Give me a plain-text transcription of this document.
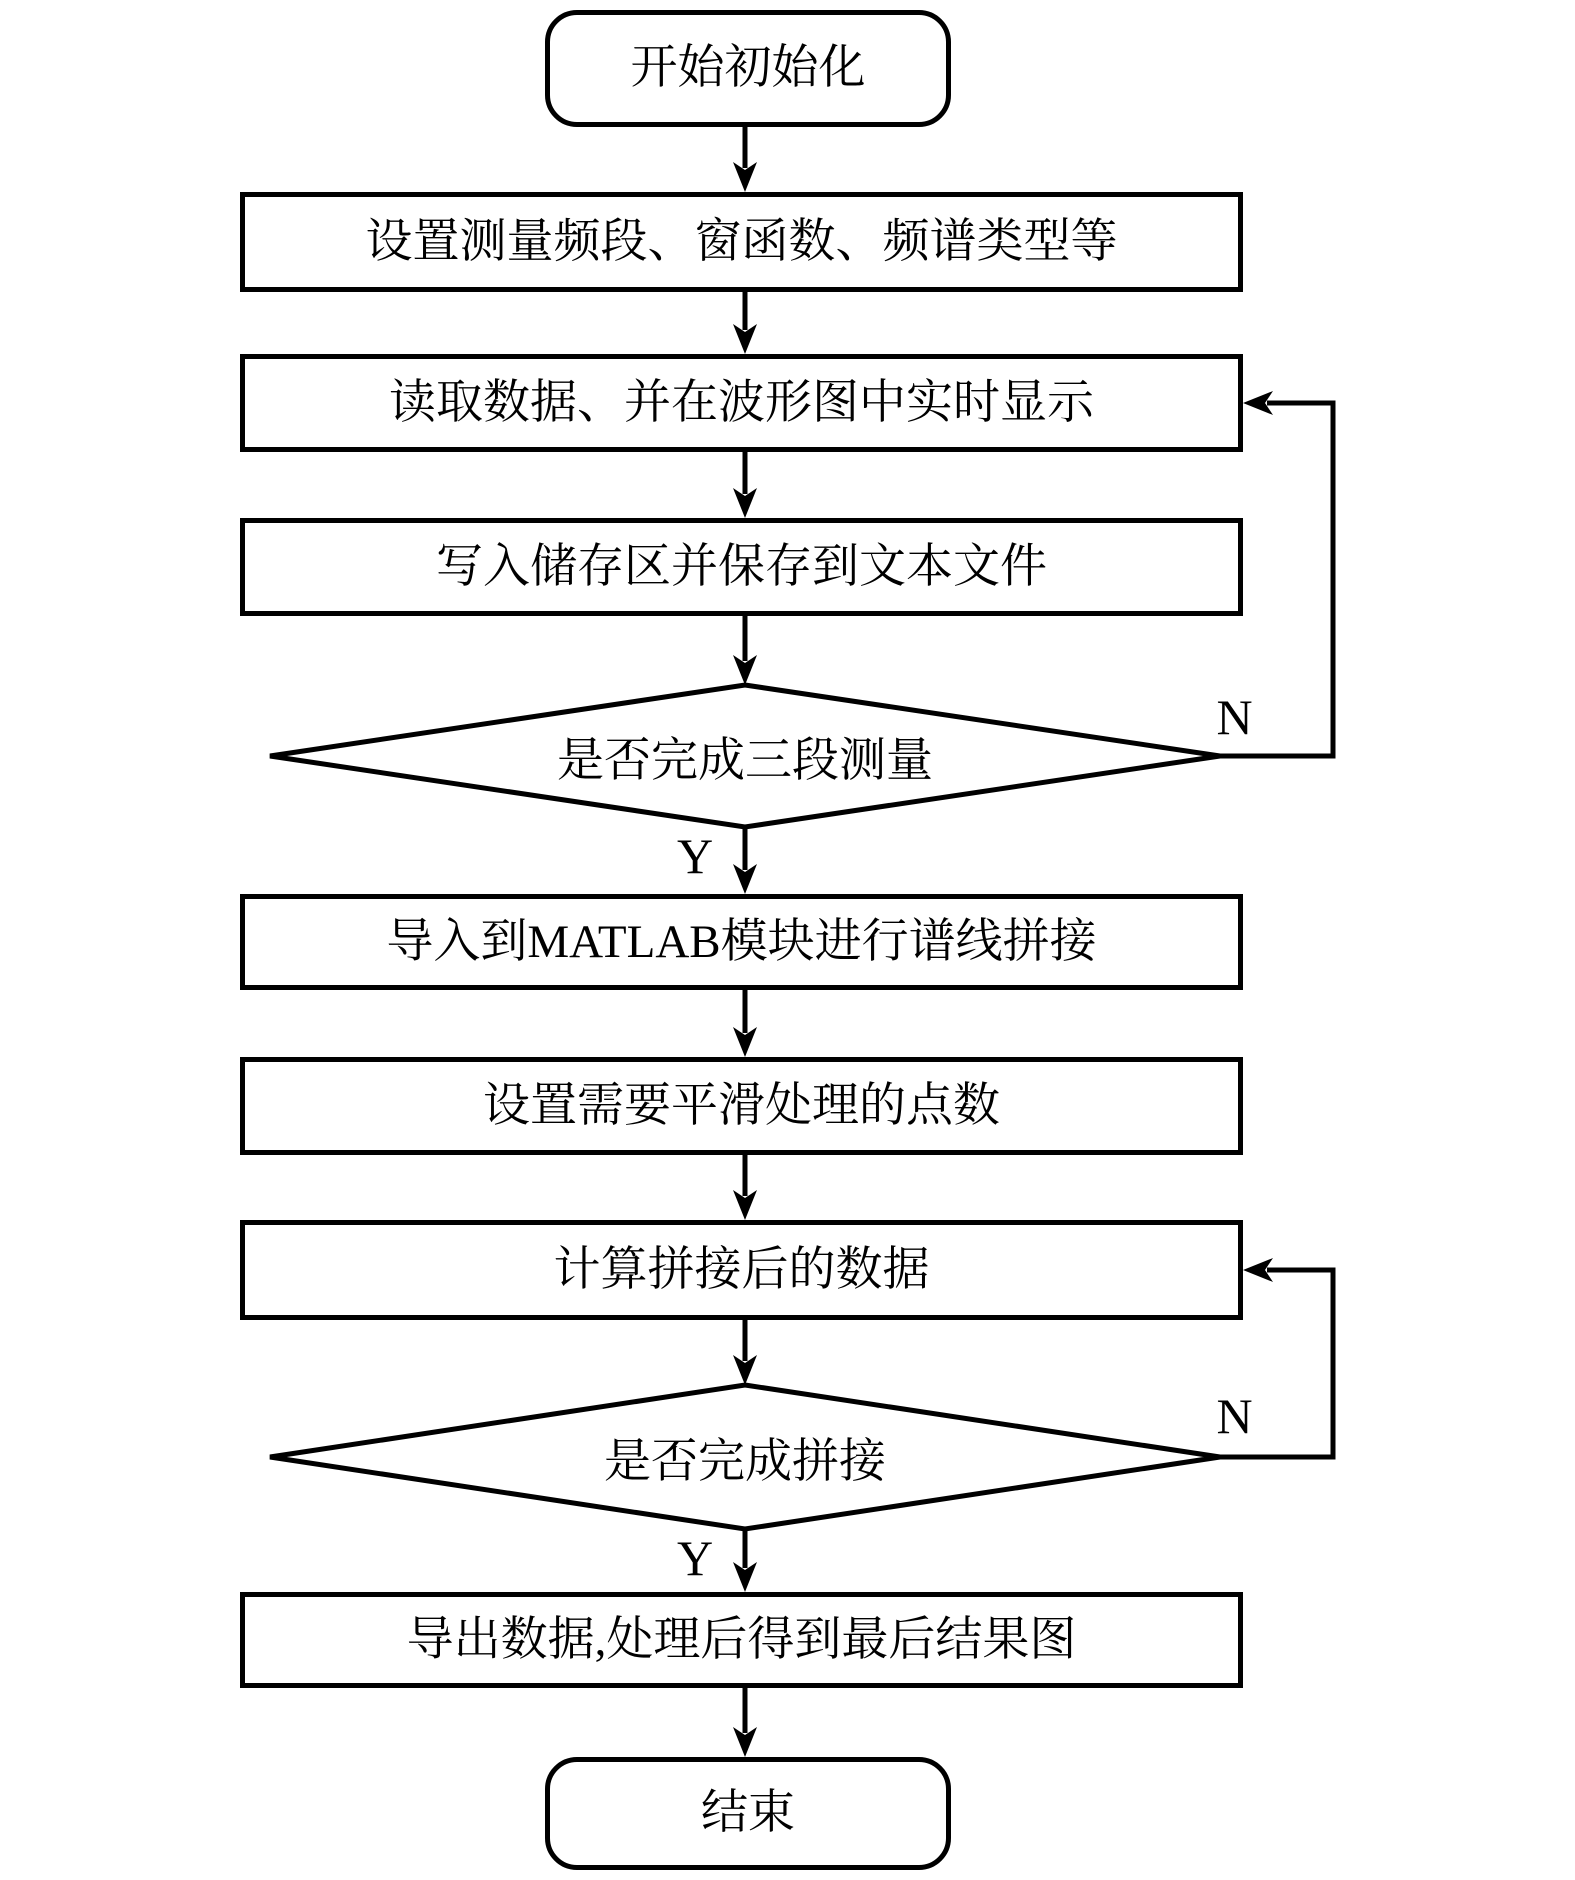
开始初始化
设置测量频段、窗函数、频谱类型等
读取数据、并在波形图中实时显示
写入储存区并保存到文本文件
是否完成三段测量
导入到MATLAB模块进行谱线拼接
设置需要平滑处理的点数
计算拼接后的数据
是否完成拼接
导出数据,处理后得到最后结果图
结束
Y
N
Y
N
